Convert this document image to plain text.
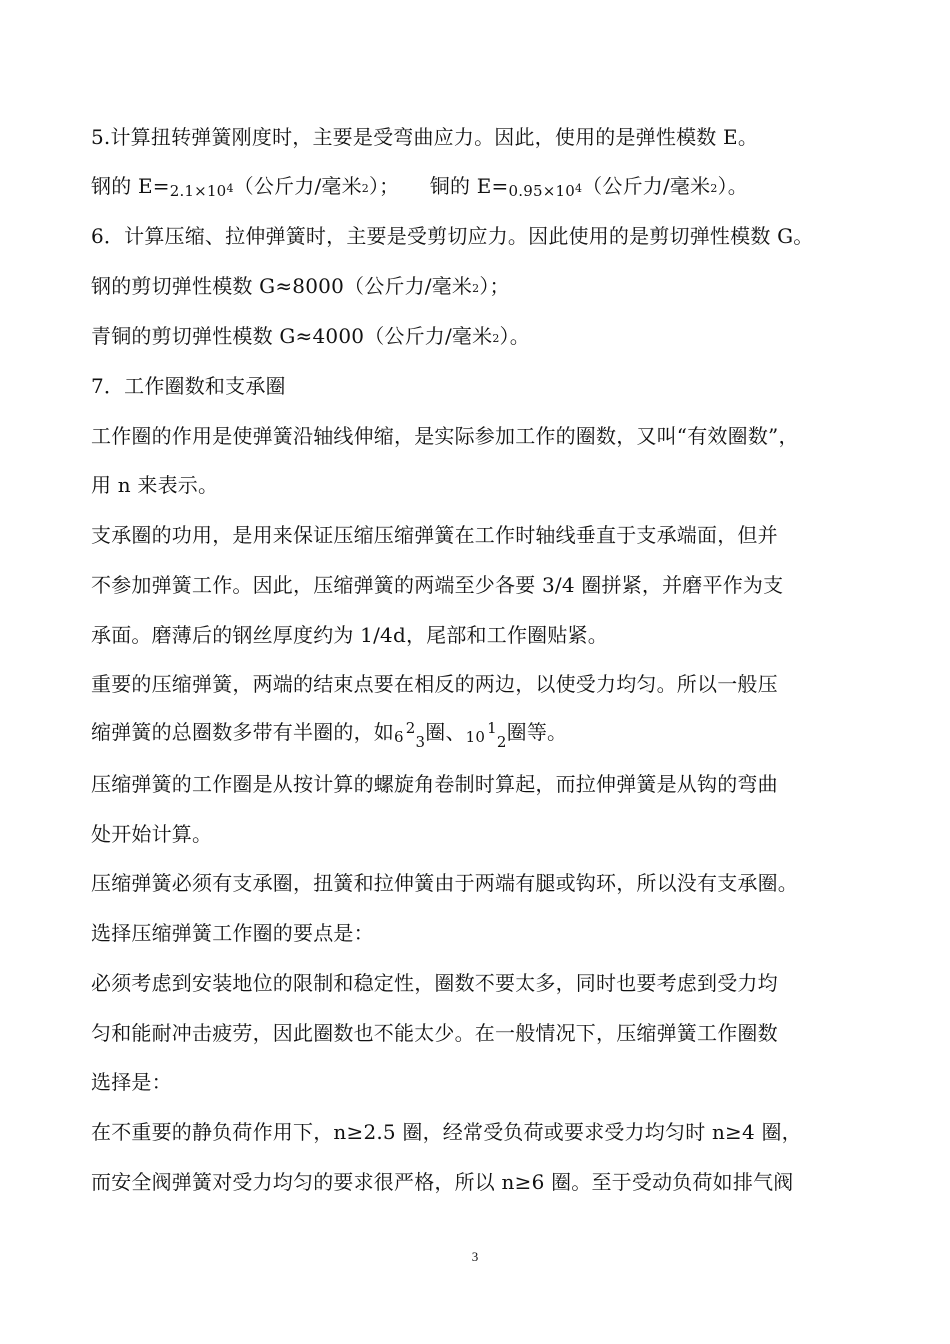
5.计算扭转弹簧刚度时，主要是受弯曲应力。因此，使用的是弹性模数 E。
钢的 E=2.1×104（公斤力/毫米2）；　　铜的 E=0.95×104（公斤力/毫米2）。
6．计算压缩、拉伸弹簧时，主要是受剪切应力。因此使用的是剪切弹性模数 G。
钢的剪切弹性模数 G≈8000（公斤力/毫米2）；
青铜的剪切弹性模数 G≈4000（公斤力/毫米2）。
7．工作圈数和支承圈
工作圈的作用是使弹簧沿轴线伸缩，是实际参加工作的圈数，又叫“有效圈数”，
用 n 来表示。
支承圈的功用，是用来保证压缩压缩弹簧在工作时轴线垂直于支承端面，但并
不参加弹簧工作。因此，压缩弹簧的两端至少各要 3/4 圈拼紧，并磨平作为支
承面。磨薄后的钢丝厚度约为 1/4d，尾部和工作圈贴紧。
重要的压缩弹簧，两端的结束点要在相反的两边，以使受力均匀。所以一般压
缩弹簧的总圈数多带有半圈的，如6 $^2_3$圈、10 $^1_2$圈等。
压缩弹簧的工作圈是从按计算的螺旋角卷制时算起，而拉伸弹簧是从钩的弯曲
处开始计算。
压缩弹簧必须有支承圈，扭簧和拉伸簧由于两端有腿或钩环，所以没有支承圈。
选择压缩弹簧工作圈的要点是：
必须考虑到安装地位的限制和稳定性，圈数不要太多，同时也要考虑到受力均
匀和能耐冲击疲劳，因此圈数也不能太少。在一般情况下，压缩弹簧工作圈数
选择是：
在不重要的静负荷作用下，n≥2.5 圈，经常受负荷或要求受力均匀时 n≥4 圈，
而安全阀弹簧对受力均匀的要求很严格，所以 n≥6 圈。至于受动负荷如排气阀
3
